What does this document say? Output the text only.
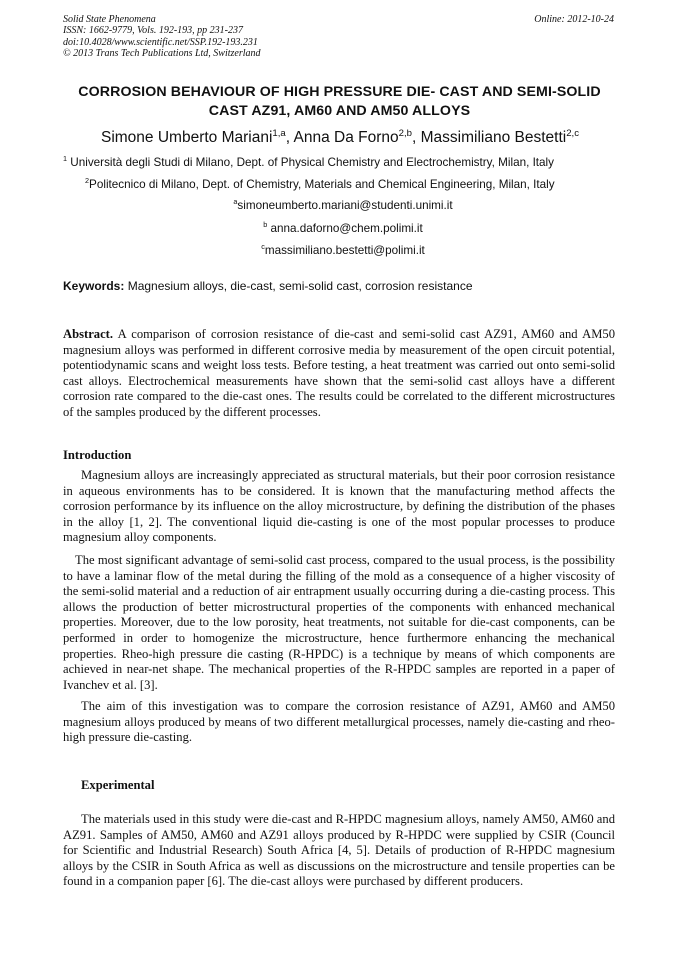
Solid State Phenomena
ISSN: 1662-9779, Vols. 192-193, pp 231-237
doi:10.4028/www.scientific.net/SSP.192-193.231
© 2013 Trans Tech Publications Ltd, Switzerland
Online: 2012-10-24
CORROSION BEHAVIOUR OF HIGH PRESSURE DIE- CAST AND SEMI-SOLID CAST AZ91, AM60 AND AM50 ALLOYS
Simone Umberto Mariani$^{1,a}$, Anna Da Forno$^{2,b}$, Massimiliano Bestetti$^{2,c}$
$^1$ Università degli Studi di Milano, Dept. of Physical Chemistry and Electrochemistry, Milan, Italy
$^2$Politecnico di Milano, Dept. of Chemistry, Materials and Chemical Engineering, Milan, Italy
$^a$simoneumberto.mariani@studenti.unimi.it
$^b$ anna.daforno@chem.polimi.it
$^c$massimiliano.bestetti@polimi.it
Keywords: Magnesium alloys, die-cast, semi-solid cast, corrosion resistance

Abstract. A comparison of corrosion resistance of die-cast and semi-solid cast AZ91, AM60 and AM50 magnesium alloys was performed in different corrosive media by measurement of the open circuit potential, potentiodynamic scans and weight loss tests. Before testing, a heat treatment was carried out onto semi-solid cast alloys. Electrochemical measurements have shown that the semi-solid cast alloys have a different corrosion rate compared to the die-cast ones. The results could be correlated to the different microstructures of the samples produced by the different processes.

Introduction

Magnesium alloys are increasingly appreciated as structural materials, but their poor corrosion resistance in aqueous environments has to be considered. It is known that the manufacturing method affects the corrosion performance by its influence on the alloy microstructure, by defining the distribution of the phases in the alloy [1, 2]. The conventional liquid die-casting is one of the most popular processes to produce magnesium alloy components.

The most significant advantage of semi-solid cast process, compared to the usual process, is the possibility to have a laminar flow of the metal during the filling of the mold as a consequence of a higher viscosity of the semi-solid material and a reduction of air entrapment usually occurring during a die-casting process. This allows the production of better microstructural properties of the components with enhanced mechanical properties. Moreover, due to the low porosity, heat treatments, not suitable for die-cast components, can be performed in order to homogenize the microstructure, hence furthermore enhancing the mechanical properties. Rheo-high pressure die casting (R-HPDC) is a technique by means of which components are achieved in near-net shape. The mechanical properties of the R-HPDC samples are reported in a paper of Ivanchev et al. [3].

The aim of this investigation was to compare the corrosion resistance of AZ91, AM60 and AM50 magnesium alloys produced by means of two different metallurgical processes, namely die-casting and rheo-high pressure die-casting.

Experimental

The materials used in this study were die-cast and R-HPDC magnesium alloys, namely AM50, AM60 and AZ91. Samples of AM50, AM60 and AZ91 alloys produced by R-HPDC were supplied by CSIR (Council for Scientific and Industrial Research) South Africa [4, 5]. Details of production of R-HPDC magnesium alloys by the CSIR in South Africa as well as discussions on the microstructure and tensile properties can be found in a companion paper [6]. The die-cast alloys were purchased by different producers.
